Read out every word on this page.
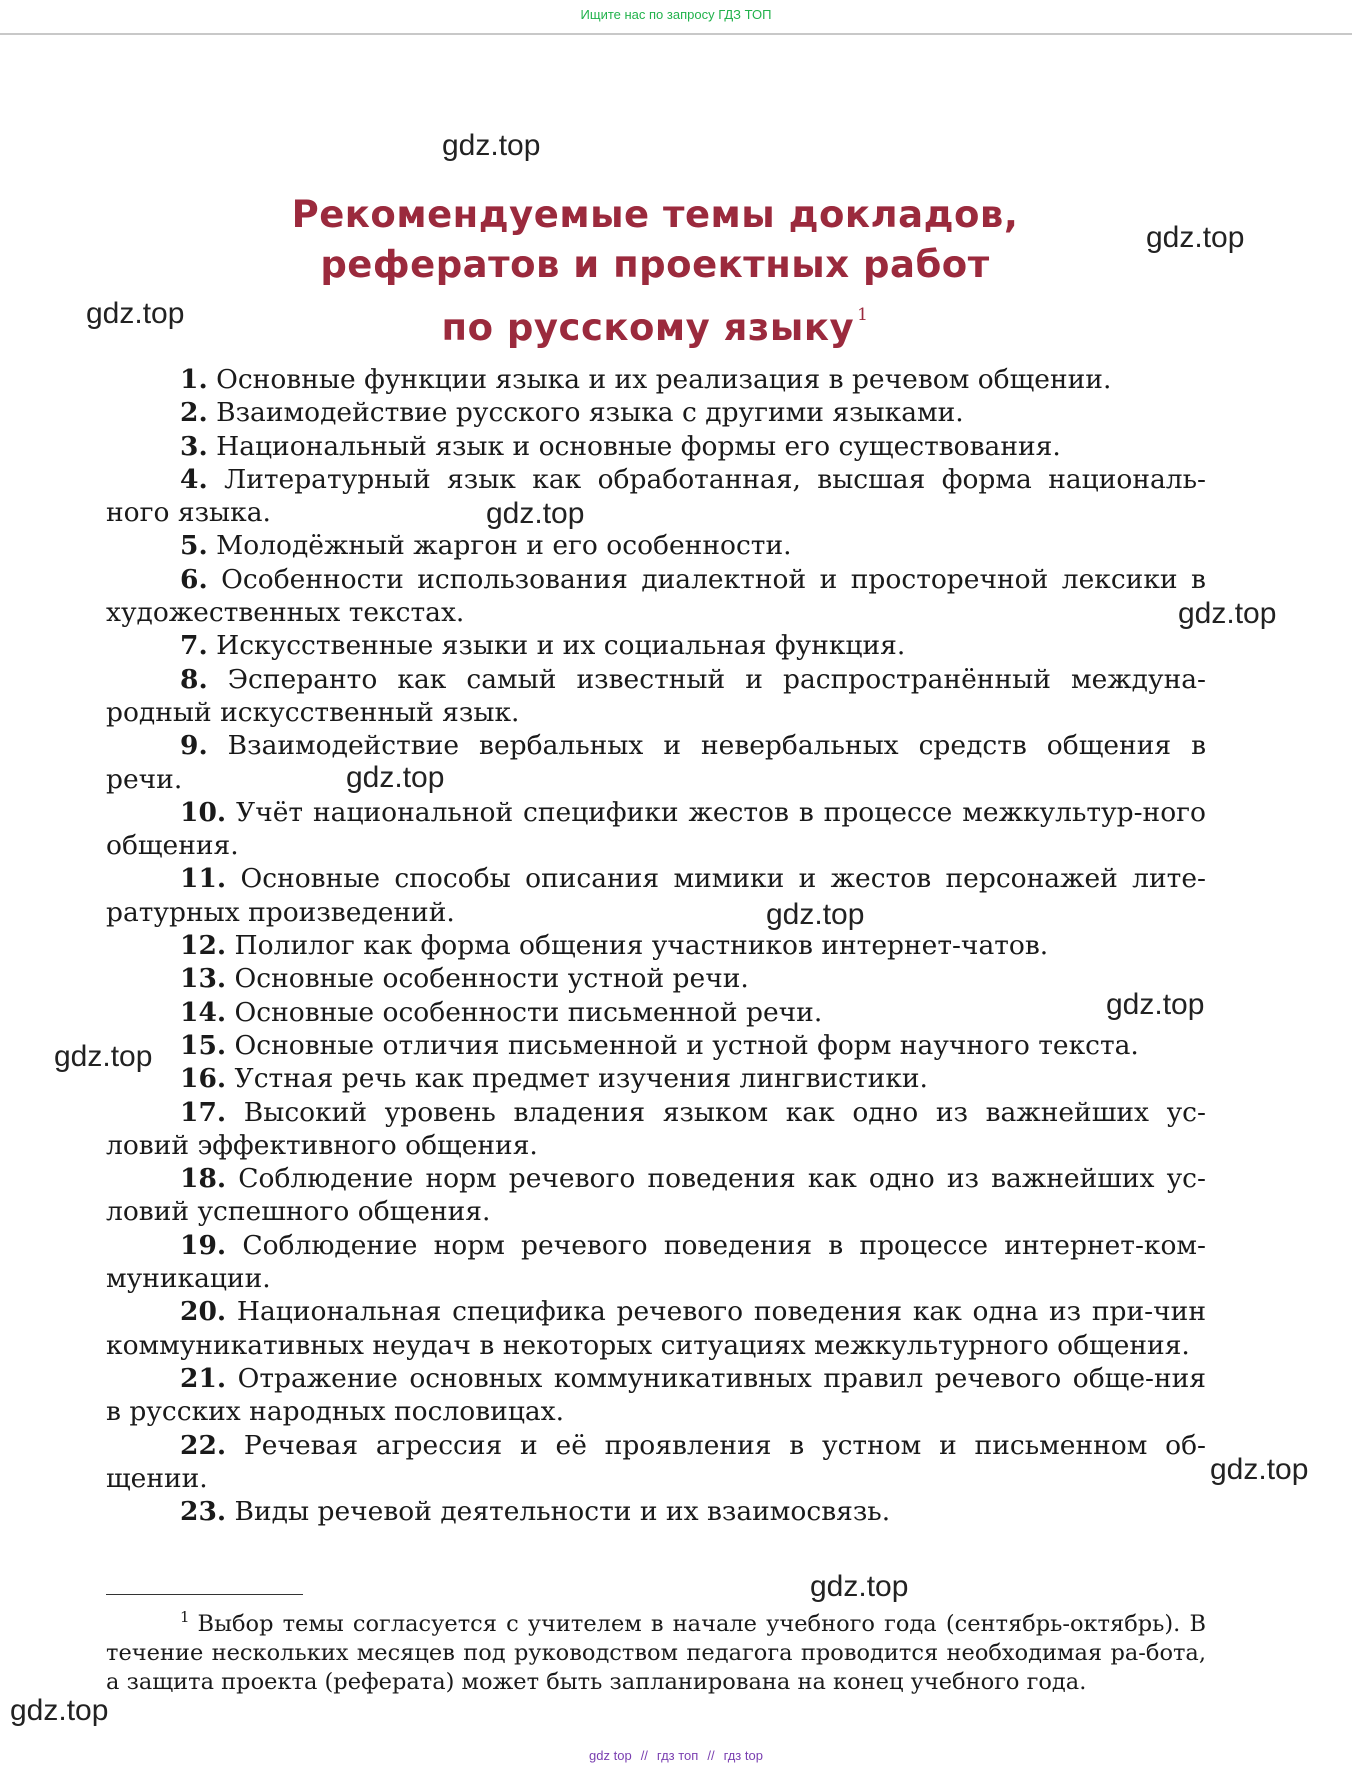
Ищите нас по запросу ГДЗ ТОП
Рекомендуемые темы докладов,
рефератов и проектных работ
по русскому языку $^1$

1. Основные функции языка и их реализация в речевом общении.

2. Взаимодействие русского языка с другими языками.

3. Национальный язык и основные формы его существования.

4. Литературный язык как обработанная, высшая форма националь-ного языка.

5. Молодёжный жаргон и его особенности.

6. Особенности использования диалектной и просторечной лексики в художественных текстах.

7. Искусственные языки и их социальная функция.

8. Эсперанто как самый известный и распространённый междуна-родный искусственный язык.

9. Взаимодействие вербальных и невербальных средств общения в речи.

10. Учёт национальной специфики жестов в процессе межкультур-ного общения.

11. Основные способы описания мимики и жестов персонажей лите-ратурных произведений.

12. Полилог как форма общения участников интернет-чатов.

13. Основные особенности устной речи.

14. Основные особенности письменной речи.

15. Основные отличия письменной и устной форм научного текста.

16. Устная речь как предмет изучения лингвистики.

17. Высокий уровень владения языком как одно из важнейших ус-ловий эффективного общения.

18. Соблюдение норм речевого поведения как одно из важнейших ус-ловий успешного общения.

19. Соблюдение норм речевого поведения в процессе интернет-ком-муникации.

20. Национальная специфика речевого поведения как одна из при-чин коммуникативных неудач в некоторых ситуациях межкультурного общения.

21. Отражение основных коммуникативных правил речевого обще-ния в русских народных пословицах.

22. Речевая агрессия и её проявления в устном и письменном об-щении.

23. Виды речевой деятельности и их взаимосвязь.

$^1$ Выбор темы согласуется с учителем в начале учебного года (сентябрь-октябрь). В течение нескольких месяцев под руководством педагога проводится необходимая ра-бота, а защита проекта (реферата) может быть запланирована на конец учебного года.

gdz.top
gdz.top
gdz.top
gdz.top
gdz.top
gdz.top
gdz.top
gdz.top
gdz.top
gdz.top
gdz.top
gdz.top
gdz top // гдз топ // гдз top
